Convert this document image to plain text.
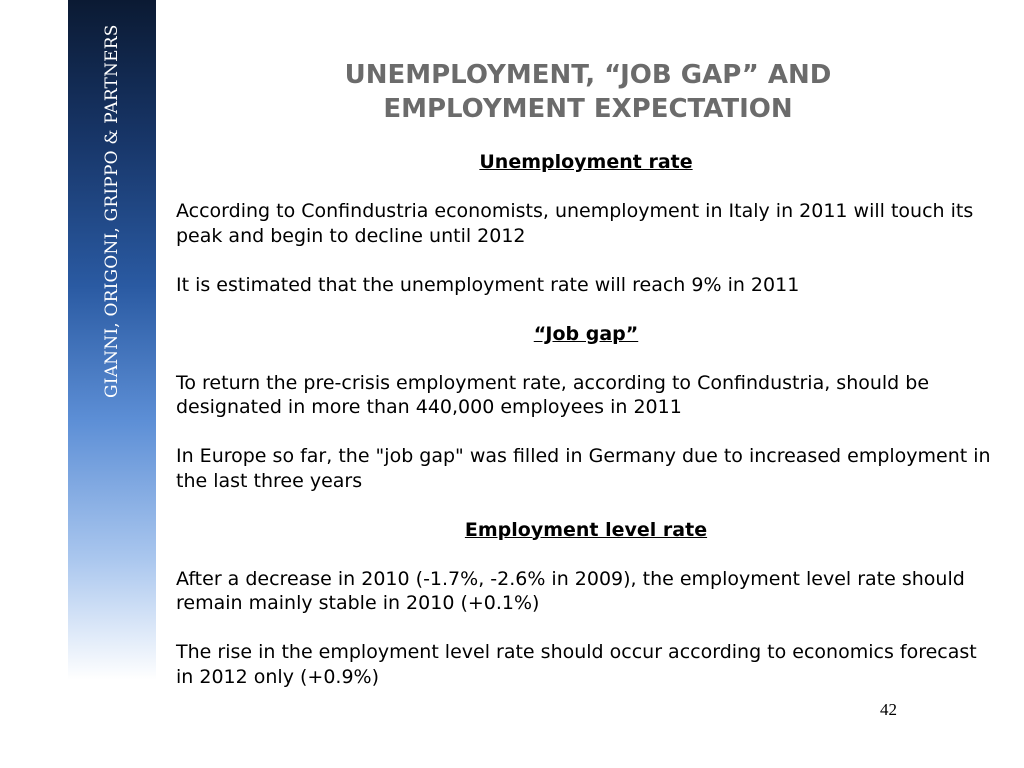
GIANNI, ORIGONI, GRIPPO & PARTNERS	UNEMPLOYMENT, “JOB GAP” AND
EMPLOYMENT EXPECTATION
Unemployment rate

According to Confindustria economists, unemployment in Italy in 2011 will touch its peak and begin to decline until 2012

It is estimated that the unemployment rate will reach 9% in 2011

“Job gap”

To return the pre-crisis employment rate, according to Confindustria, should be designated in more than 440,000 employees in 2011

In Europe so far, the "job gap" was filled in Germany due to increased employment in the last three years

Employment level rate

After a decrease in 2010 (-1.7%, -2.6% in 2009), the employment level rate should remain mainly stable in 2010 (+0.1%)

The rise in the employment level rate should occur according to economics forecast in 2012 only (+0.9%)

42
